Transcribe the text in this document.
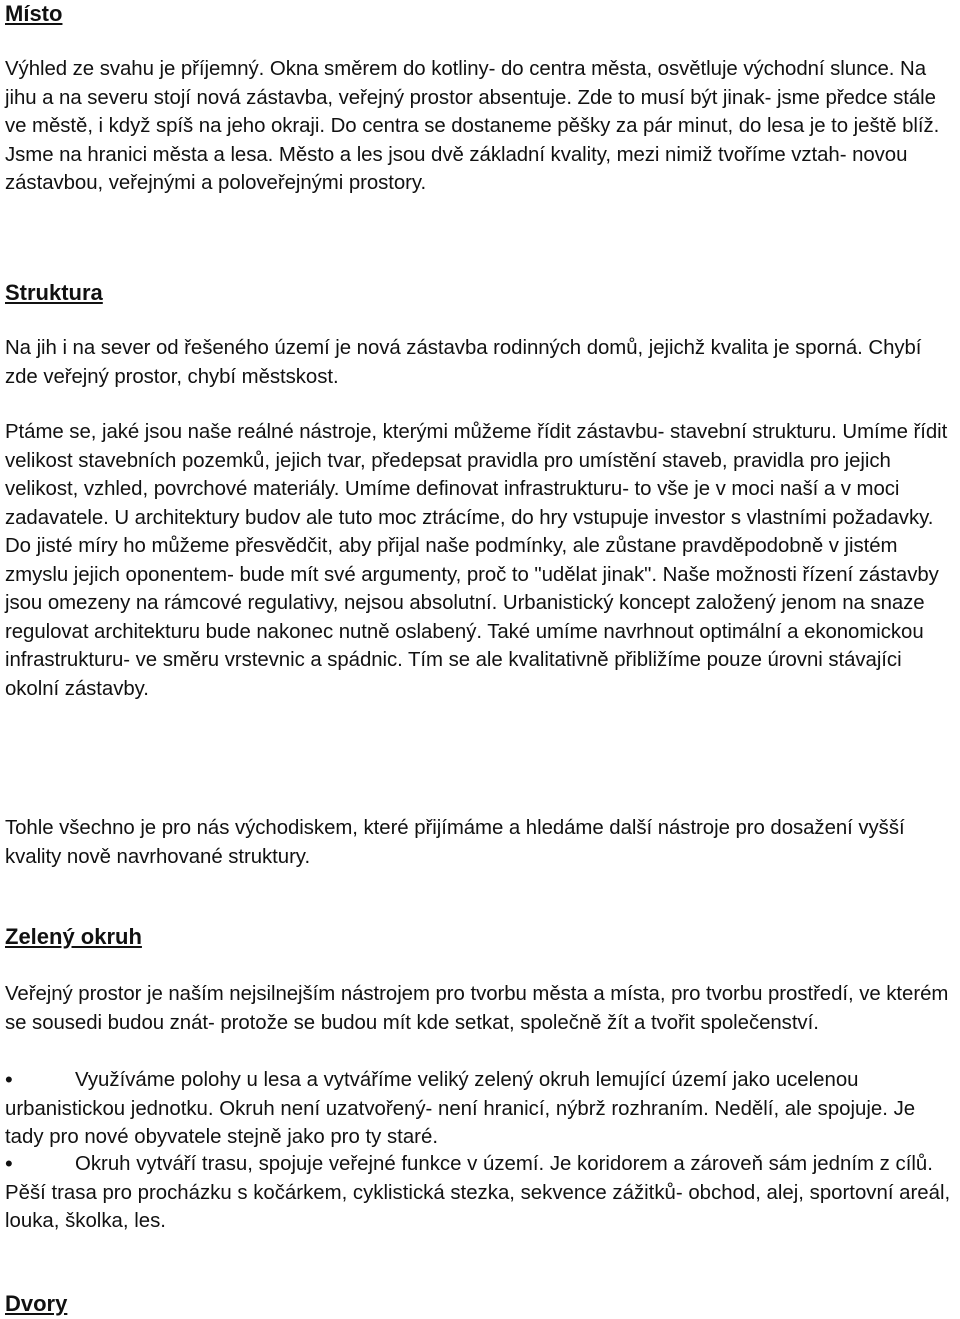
Místo

Výhled ze svahu je příjemný. Okna směrem do kotliny- do centra města, osvětluje východní slunce. Na jihu a na severu stojí nová zástavba, veřejný prostor absentuje. Zde to musí být jinak- jsme předce stále ve městě, i když spíš na jeho okraji. Do centra se dostaneme pěšky za pár minut, do lesa je to ještě blíž. Jsme na hranici města a lesa. Město a les jsou dvě základní kvality, mezi nimiž tvoříme vztah- novou zástavbou, veřejnými a poloveřejnými prostory.

Struktura

Na jih i na sever od řešeného území je nová zástavba rodinných domů, jejichž kvalita je sporná. Chybí zde veřejný prostor, chybí městskost.

Ptáme se, jaké jsou naše reálné nástroje, kterými můžeme řídit zástavbu- stavební strukturu. Umíme řídit velikost stavebních pozemků, jejich tvar, předepsat pravidla pro umístění staveb, pravidla pro jejich velikost, vzhled, povrchové materiály. Umíme definovat infrastrukturu- to vše je v moci naší a v moci zadavatele. U architektury budov ale tuto moc ztrácíme, do hry vstupuje investor s vlastními požadavky. Do jisté míry ho můžeme přesvědčit, aby přijal naše podmínky, ale zůstane pravděpodobně v jistém zmyslu jejich oponentem- bude mít své argumenty, proč to "udělat jinak". Naše možnosti řízení zástavby jsou omezeny na rámcové regulativy, nejsou absolutní. Urbanistický koncept založený jenom na snaze regulovat architekturu bude nakonec nutně oslabený. Také umíme navrhnout optimální a ekonomickou infrastrukturu- ve směru vrstevnic a spádnic. Tím se ale kvalitativně přibližíme pouze úrovni stávajíci okolní zástavby.

Tohle všechno je pro nás východiskem, které přijímáme a hledáme další nástroje pro dosažení vyšší kvality nově navrhované struktury.

Zelený okruh

Veřejný prostor je naším nejsilnejším nástrojem pro tvorbu města a místa, pro tvorbu prostředí, ve kterém se sousedi budou znát- protože se budou mít kde setkat, společně žít a tvořit společenství.

•	Využíváme polohy u lesa a vytváříme veliký zelený okruh lemující území jako ucelenou urbanistickou jednotku. Okruh není uzatvořený- není hranicí, nýbrž rozhraním. Nedělí, ale spojuje. Je tady pro nové obyvatele stejně jako pro ty staré.

•	Okruh vytváří trasu, spojuje veřejné funkce v území. Je koridorem a zároveň sám jedním z cílů. Pěší trasa pro procházku s kočárkem, cyklistická stezka, sekvence zážitků- obchod, alej, sportovní areál, louka, školka, les.

Dvory
